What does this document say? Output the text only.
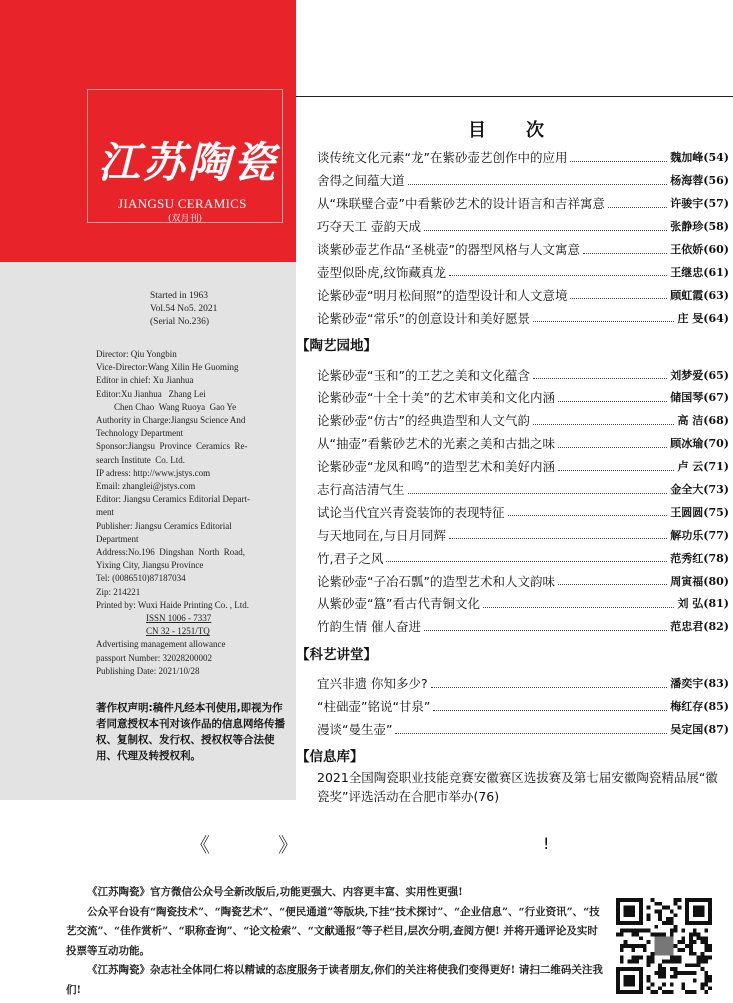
江苏陶瓷
JIANGSU CERAMICS
(双月刊)
Started in 1963
Vol.54 No5. 2021
(Serial No.236)
Director: Qiu Yongbin
Vice-Director:Wang Xilin He Guoming
Editor in chief: Xu Jianhua
Editor:Xu Jianhua   Zhang Lei
Chen Chao  Wang Ruoya  Gao Ye
Authority in Charge:Jiangsu Science And
Technology Department
Sponsor:Jiangsu  Province  Ceramics  Re-
search Institute  Co. Ltd.
IP adress: http://www.jstys.com
Email: zhanglei@jstys.com
Editor: Jiangsu Ceramics Editorial Depart-
ment
Publisher: Jiangsu Ceramics Editorial
Department
Address:No.196  Dingshan  North  Road,
Yixing City, Jiangsu Province
Tel: (0086510)87187034
Zip: 214221
Printed by: Wuxi Haide Printing Co. , Ltd.
ISSN 1006 - 7337
CN 32 - 1251/TQ
Advertising management allowance
passport Number: 32028200002
Publishing Date: 2021/10/28
著作权声明:稿件凡经本刊使用,即视为作者同意授权本刊对该作品的信息网络传播权、复制权、发行权、授权权等合法使用、代理及转授权利。
目次
谈传统文化元素“龙”在紫砂壶艺创作中的应用	魏加峰(54)
舍得之间蕴大道	杨海蓉(56)
从“珠联璧合壶”中看紫砂艺术的设计语言和吉祥寓意	许骏宇(57)
巧夺天工 壶韵天成	张静珍(58)
谈紫砂壶艺作品“圣桃壶”的器型风格与人文寓意	王依娇(60)
壶型似卧虎,纹饰藏真龙	王继忠(61)
论紫砂壶“明月松间照”的造型设计和人文意境	顾虹霞(63)
论紫砂壶“常乐”的创意设计和美好愿景	庄 旻(64)
【陶艺园地】
论紫砂壶“玉和”的工艺之美和文化蕴含	刘梦爱(65)
论紫砂壶“十全十美”的艺术审美和文化内涵	储国琴(67)
论紫砂壶“仿古”的经典造型和人文气韵	高 洁(68)
从“抽壶”看紫砂艺术的光素之美和古拙之味	顾冰瑜(70)
论紫砂壶“龙凤和鸣”的造型艺术和美好内涵	卢 云(71)
志行高洁清气生	金全大(73)
试论当代宜兴青瓷装饰的表现特征	王圆圆(75)
与天地同在,与日月同辉	解功乐(77)
竹,君子之风	范秀红(78)
论紫砂壶“子冶石瓢”的造型艺术和人文韵味	周寅福(80)
从紫砂壶“簋”看古代青铜文化	刘 弘(81)
竹韵生情 催人奋进	范忠君(82)
【科艺讲堂】
宜兴非遗 你知多少?	潘奕宇(83)
“柱础壶”铭说“甘泉”	梅红存(85)
漫谈“曼生壶”	吴定国(87)
【信息库】
2021全国陶瓷职业技能竞赛安徽赛区选拔赛及第七届安徽陶瓷精品展“徽瓷奖”评选活动在合肥市举办(76)
《	》	!

《江苏陶瓷》官方微信公众号全新改版后,功能更强大、内容更丰富、实用性更强!

公众平台设有“陶瓷技术”、“陶瓷艺术”、“便民通道”等版块,下挂“技术探讨”、“企业信息”、“行业资讯”、“技艺交流”、“佳作赏析”、“职称查询”、“论文检索”、“文献通报”等子栏目,层次分明,查阅方便! 并将开通评论及实时投票等互动功能。

《江苏陶瓷》杂志社全体同仁将以精诚的态度服务于读者朋友,你们的关注将使我们变得更好! 请扫二维码关注我们!
